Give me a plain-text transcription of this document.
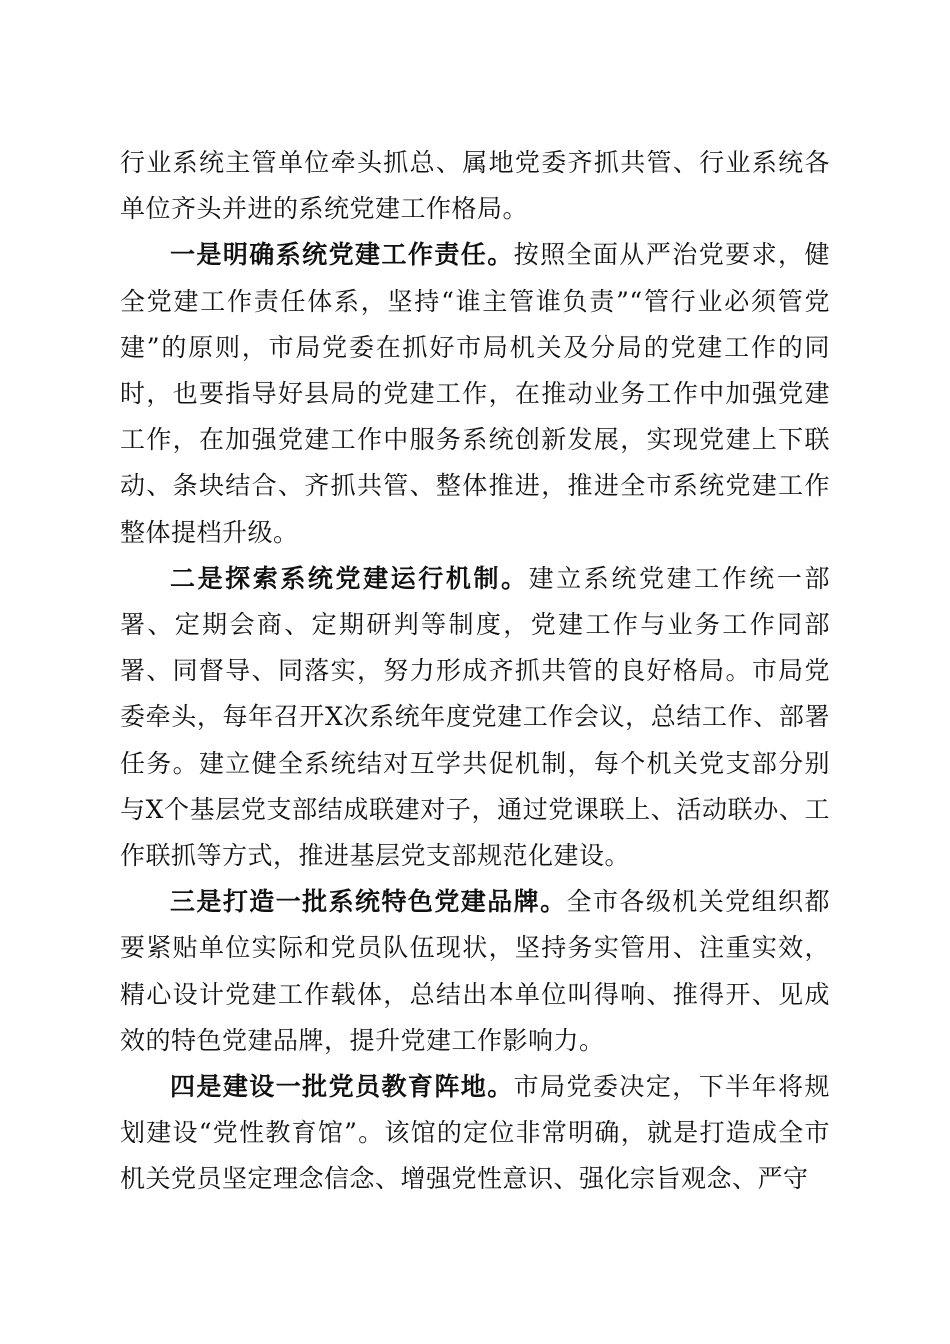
行业系统主管单位牵头抓总、属地党委齐抓共管、行业系统各单位齐头并进的系统党建工作格局。

一是明确系统党建工作责任。按照全面从严治党要求，健全党建工作责任体系，坚持“谁主管谁负责”“管行业必须管党建”的原则，市局党委在抓好市局机关及分局的党建工作的同时，也要指导好县局的党建工作，在推动业务工作中加强党建工作，在加强党建工作中服务系统创新发展，实现党建上下联动、条块结合、齐抓共管、整体推进，推进全市系统党建工作整体提档升级。

二是探索系统党建运行机制。建立系统党建工作统一部署、定期会商、定期研判等制度，党建工作与业务工作同部署、同督导、同落实，努力形成齐抓共管的良好格局。市局党委牵头，每年召开X次系统年度党建工作会议，总结工作、部署任务。建立健全系统结对互学共促机制，每个机关党支部分别与X个基层党支部结成联建对子，通过党课联上、活动联办、工作联抓等方式，推进基层党支部规范化建设。

三是打造一批系统特色党建品牌。全市各级机关党组织都要紧贴单位实际和党员队伍现状，坚持务实管用、注重实效，精心设计党建工作载体，总结出本单位叫得响、推得开、见成效的特色党建品牌，提升党建工作影响力。

四是建设一批党员教育阵地。市局党委决定，下半年将规划建设“党性教育馆”。该馆的定位非常明确，就是打造成全市机关党员坚定理念信念、增强党性意识、强化宗旨观念、严守
